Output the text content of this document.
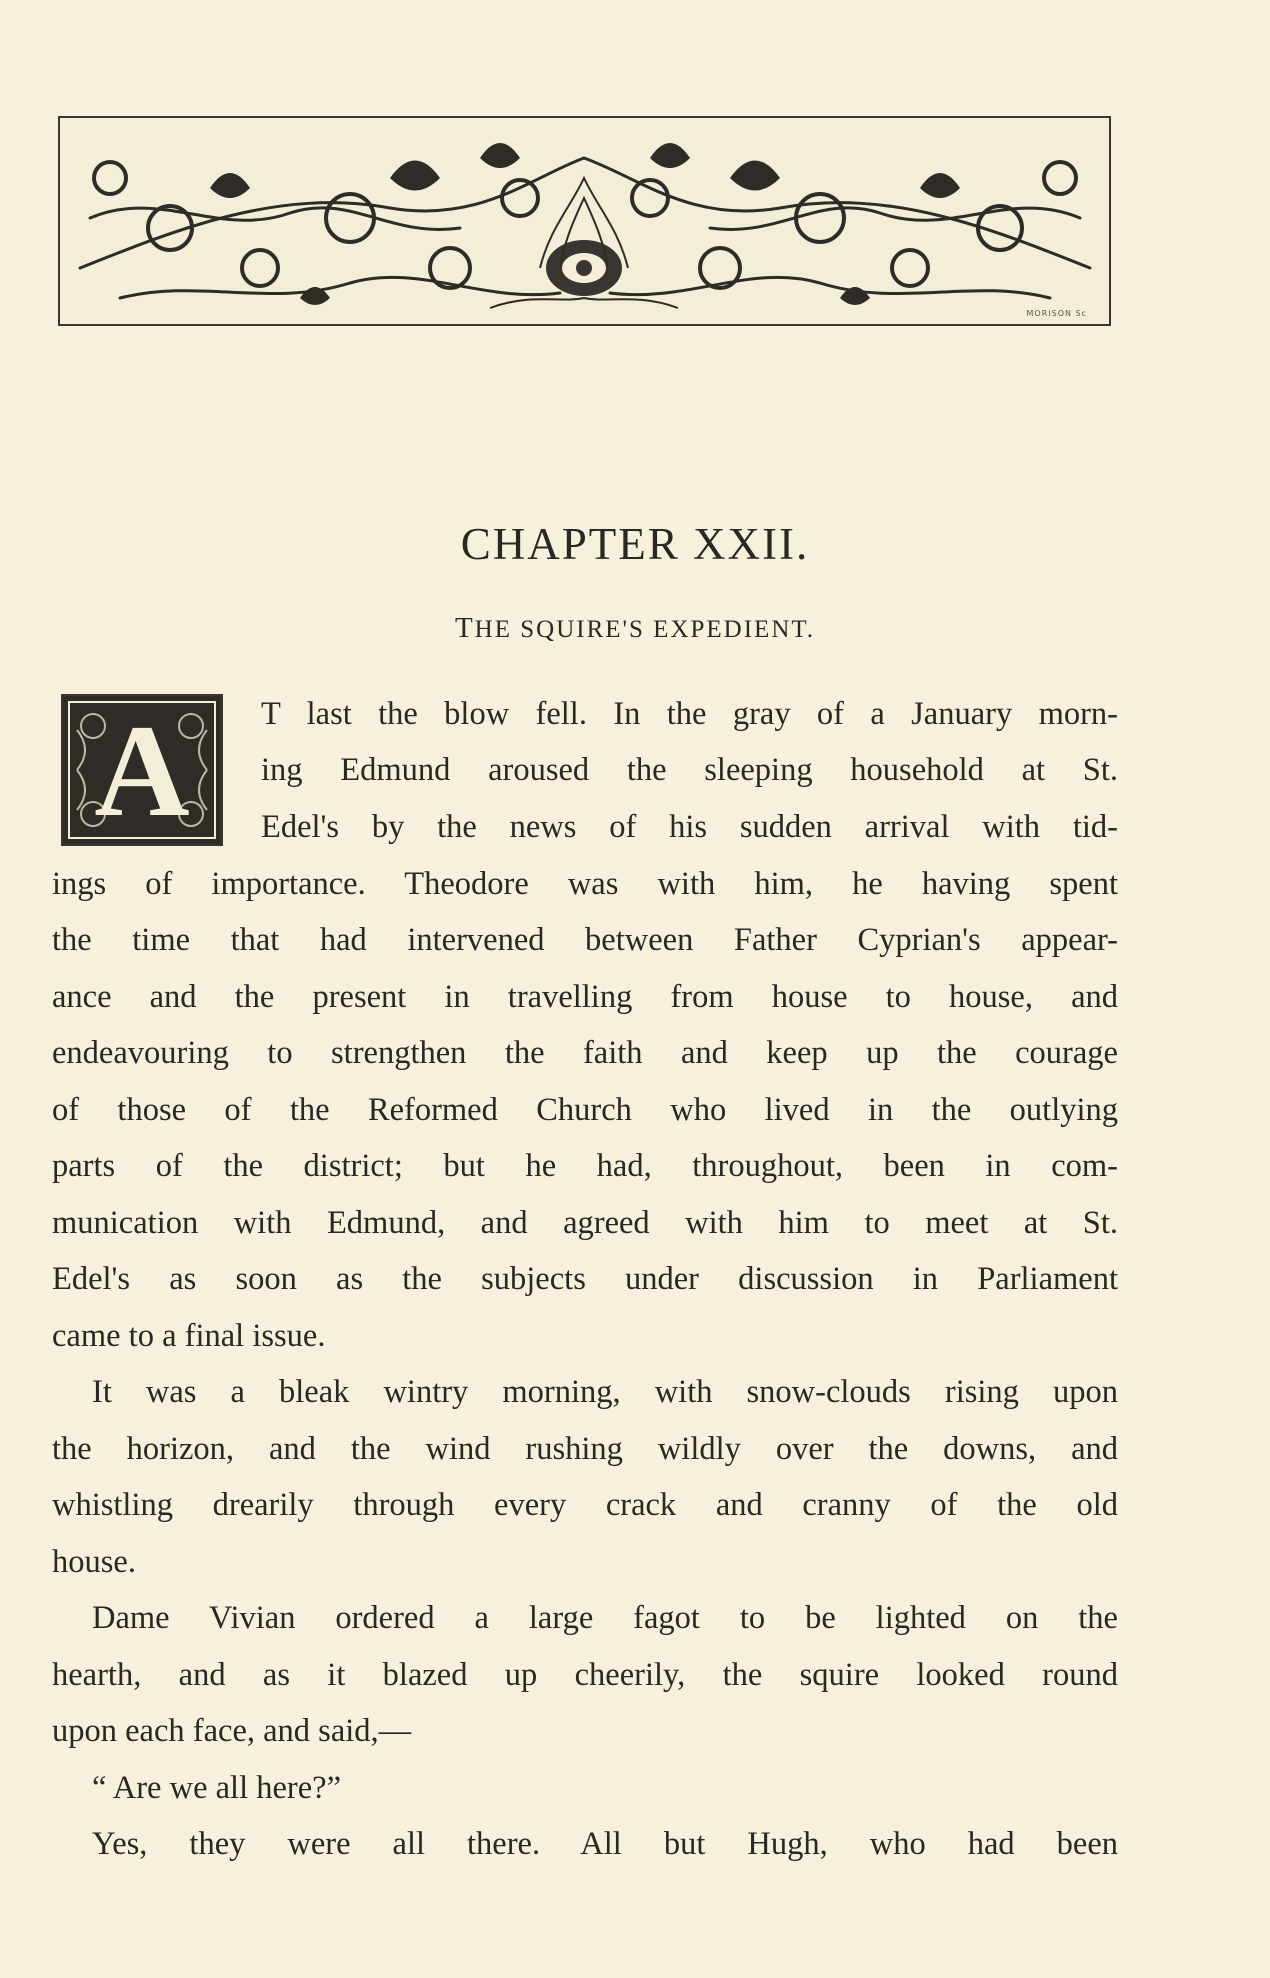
MORISON Sc
CHAPTER XXII.
THE SQUIRE'S EXPEDIENT.
A	T last the blow fell. In the gray of a January morn-
ing Edmund aroused the sleeping household at St.
Edel's by the news of his sudden arrival with tid-
ings of importance. Theodore was with him, he having spent
the time that had intervened between Father Cyprian's appear-
ance and the present in travelling from house to house, and
endeavouring to strengthen the faith and keep up the courage
of those of the Reformed Church who lived in the outlying
parts of the district; but he had, throughout, been in com-
munication with Edmund, and agreed with him to meet at St.
Edel's as soon as the subjects under discussion in Parliament
came to a final issue.
It was a bleak wintry morning, with snow-clouds rising upon
the horizon, and the wind rushing wildly over the downs, and
whistling drearily through every crack and cranny of the old
house.
Dame Vivian ordered a large fagot to be lighted on the
hearth, and as it blazed up cheerily, the squire looked round
upon each face, and said,—
“ Are we all here?”
Yes, they were all there. All but Hugh, who had been
